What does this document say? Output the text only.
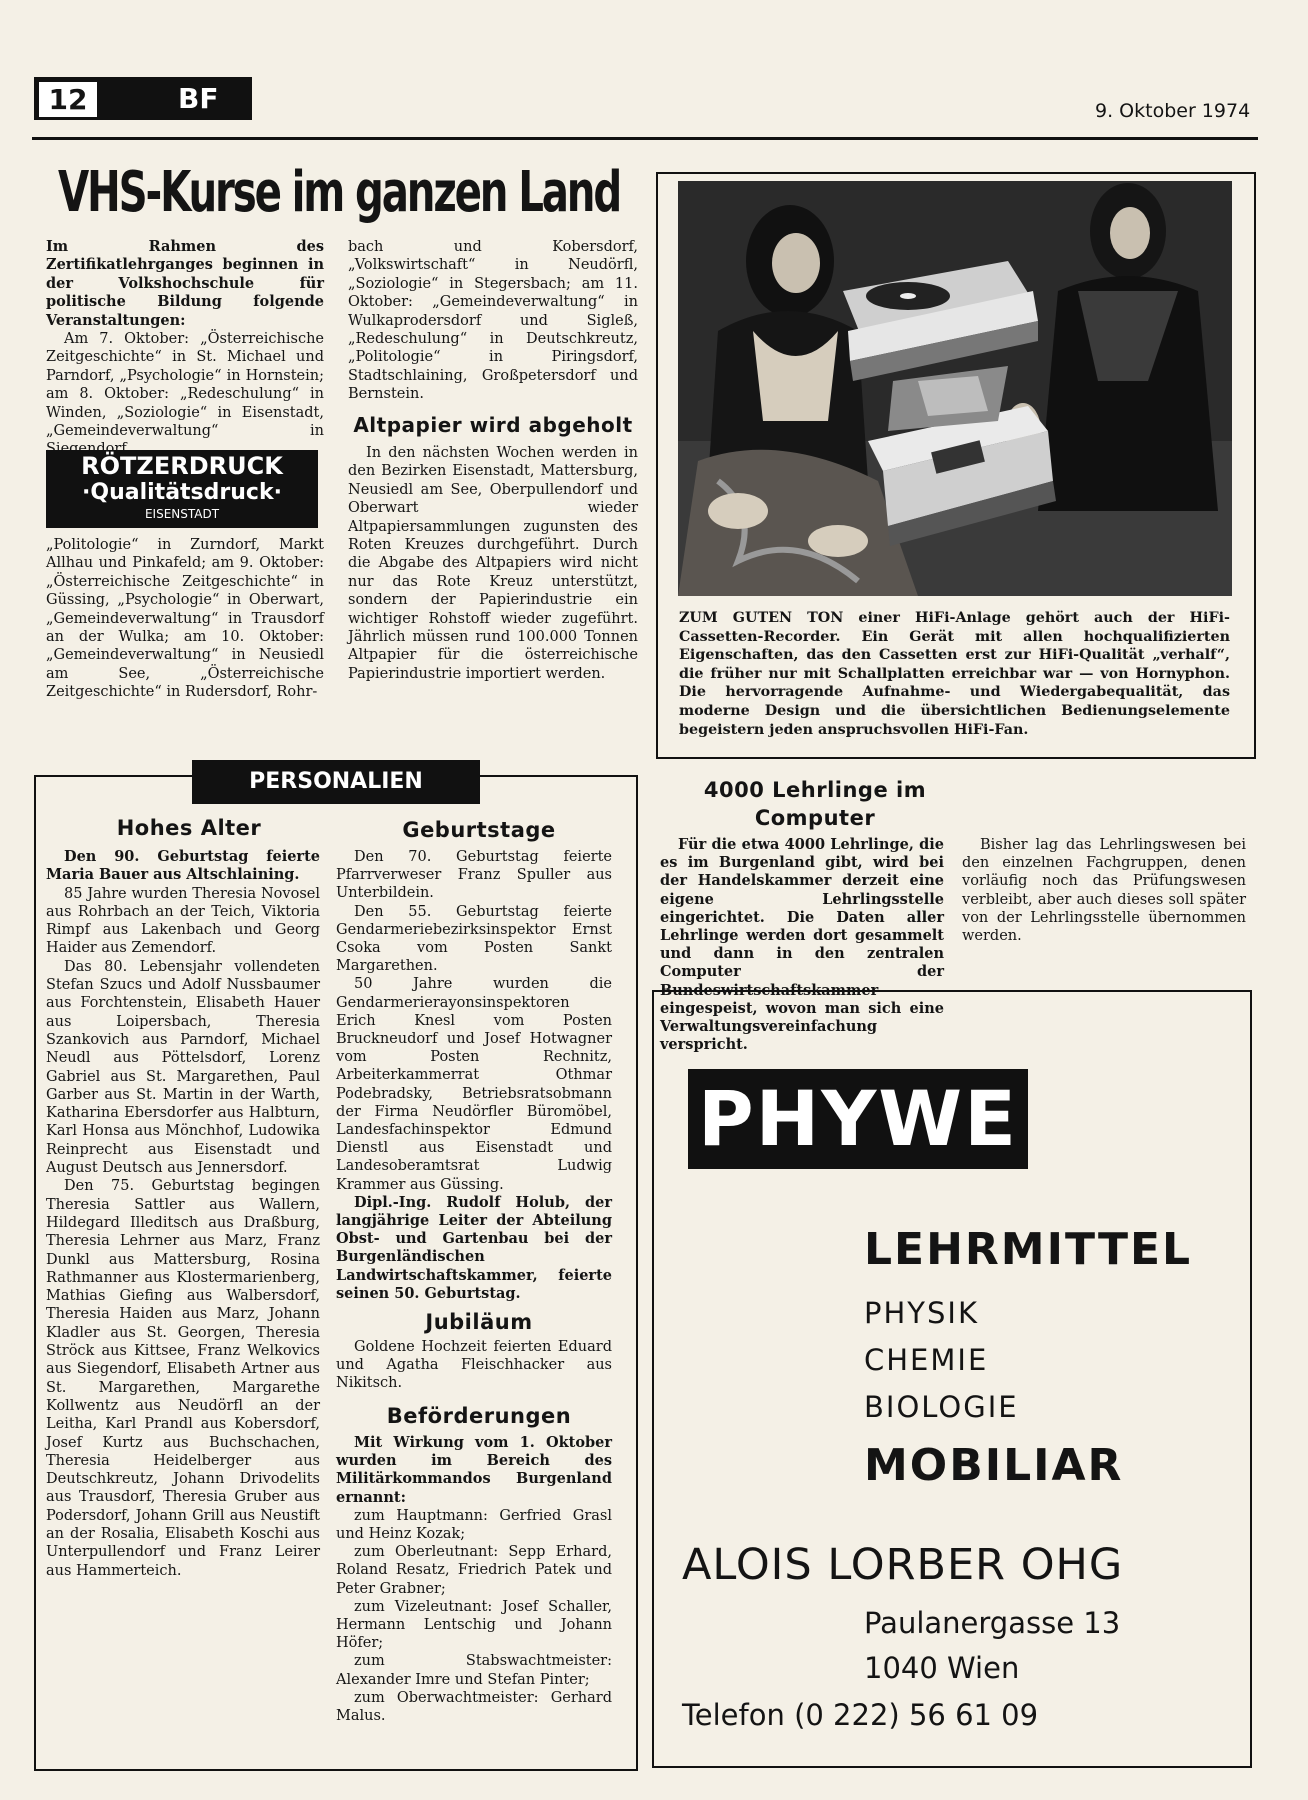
12	BF	9. Oktober 1974
VHS-Kurse im ganzen Land

Im Rahmen des Zertifikatlehrganges beginnen in der Volkshochschule für politische Bildung folgende Veranstaltungen:

Am 7. Oktober: „Österreichische Zeitgeschichte“ in St. Michael und Parndorf, „Psychologie“ in Hornstein; am 8. Oktober: „Redeschulung“ in Winden, „Soziologie“ in Eisenstadt, „Gemeindeverwaltung“ in

RÖTZERDRUCK
·Qualitätsdruck·
EISENSTADT

„Politologie“ in Zurndorf, Markt Allhau und Pinkafeld; am 9. Oktober: „Österreichische Zeitgeschichte“ in Güssing, „Psychologie“ in Oberwart, „Gemeindeverwaltung“ in Trausdorf an der Wulka; am 10. Oktober: „Gemeindeverwaltung“ in Neusiedl am See, „Österreichische Zeitgeschichte“ in Rudersdorf, Rohr-

bach und Kobersdorf, „Volkswirtschaft“ in Neudörfl, „Soziologie“ in Stegersbach; am 11. Oktober: „Gemeindeverwaltung“ in Wulkaprodersdorf und Sigleß, „Redeschulung“ in Deutschkreutz, „Politologie“ in Piringsdorf, Stadtschlaining, Großpetersdorf und Bernstein.

Altpapier wird abgeholt

In den nächsten Wochen werden in den Bezirken Eisenstadt, Mattersburg, Neusiedl am See, Oberpullendorf und Oberwart wieder Altpapiersammlungen zugunsten des Roten Kreuzes durchgeführt. Durch die Abgabe des Altpapiers wird nicht nur das Rote Kreuz unterstützt, sondern der Papierindustrie ein wichtiger Rohstoff wieder zugeführt. Jährlich müssen rund 100.000 Tonnen Altpapier für die österreichische Papierindustrie importiert werden.

ZUM GUTEN TON einer HiFi-Anlage gehört auch der HiFi-Cassetten-Recorder. Ein Gerät mit allen hochqualifizierten Eigenschaften, das den Cassetten erst zur HiFi-Qualität „verhalf“, die früher nur mit Schallplatten erreichbar war — von Hornyphon. Die hervorragende Aufnahme- und Wiedergabequalität, das moderne Design und die übersichtlichen Bedienungselemente begeistern jeden anspruchsvollen HiFi-Fan.
PERSONALIEN
Hohes Alter

Den 90. Geburtstag feierte Maria Bauer aus Altschlaining.

85 Jahre wurden Theresia Novosel aus Rohrbach an der Teich, Viktoria Rimpf aus Lakenbach und Georg Haider aus Zemendorf.

Das 80. Lebensjahr vollendeten Stefan Szucs und Adolf Nussbaumer aus Forchtenstein, Elisabeth Hauer aus Loipersbach, Theresia Szankovich aus Parndorf, Michael Neudl aus Pöttelsdorf, Lorenz Gabriel aus St. Margarethen, Paul Garber aus St. Martin in der Warth, Katharina Ebersdorfer aus Halbturn, Karl Honsa aus Mönchhof, Ludowika Reinprecht aus Eisenstadt und August Deutsch aus Jennersdorf.

Den 75. Geburtstag begingen Theresia Sattler aus Wallern, Hildegard Illeditsch aus Draßburg, Theresia Lehrner aus Marz, Franz Dunkl aus Mattersburg, Rosina Rathmanner aus Klostermarienberg, Mathias Giefing aus Walbersdorf, Theresia Haiden aus Marz, Johann Kladler aus St. Georgen, Theresia Ströck aus Kittsee, Franz Welkovics aus Siegendorf, Elisabeth Artner aus St. Margarethen, Margarethe Kollwentz aus Neudörfl an der Leitha, Karl Prandl aus Kobersdorf, Josef Kurtz aus Buchschachen, Theresia Heidelberger aus Deutschkreutz, Johann Drivodelits aus Trausdorf, Theresia Gruber aus Podersdorf, Johann Grill aus Neustift an der Rosalia, Elisabeth Koschi aus Unterpullendorf und Franz Leirer aus Hammerteich.

Geburtstage

Den 70. Geburtstag feierte Pfarrverweser Franz Spuller aus Unterbildein.

Den 55. Geburtstag feierte Gendarmeriebezirksinspektor Ernst Csoka vom Posten Sankt Margarethen.

50 Jahre wurden die Gendarmerierayonsinspektoren Erich Knesl vom Posten Bruckneudorf und Josef Hotwagner vom Posten Rechnitz, Arbeiterkammerrat Othmar Podebradsky, Betriebsratsobmann der Firma Neudörfler Büromöbel, Landesfachinspektor Edmund Dienstl aus Eisenstadt und Landesoberamtsrat Ludwig Krammer aus Güssing.

Dipl.-Ing. Rudolf Holub, der langjährige Leiter der Abteilung Obst- und Gartenbau bei der Burgenländischen Landwirtschaftskammer, feierte seinen 50. Geburtstag.

Jubiläum

Goldene Hochzeit feierten Eduard und Agatha Fleischhacker aus Nikitsch.

Beförderungen

Mit Wirkung vom 1. Oktober wurden im Bereich des Militärkommandos Burgenland ernannt:

zum Hauptmann: Gerfried Grasl und Heinz Kozak;

zum Oberleutnant: Sepp Erhard, Roland Resatz, Friedrich Patek und Peter Grabner;

zum Vizeleutnant: Josef Schaller, Hermann Lentschig und Johann Höfer;

zum Stabswachtmeister: Alexander Imre und Stefan Pinter;

zum Oberwachtmeister: Gerhard Malus.

4000 Lehrlinge im Computer

Für die etwa 4000 Lehrlinge, die es im Burgenland gibt, wird bei der Handelskammer derzeit eine eigene Lehrlingsstelle eingerichtet. Die Daten aller Lehrlinge werden dort gesammelt und dann in den zentralen Computer der Bundeswirtschaftskammer eingespeist, wovon man sich eine Verwaltungsvereinfachung verspricht.

Bisher lag das Lehrlingswesen bei den einzelnen Fachgruppen, denen vorläufig noch das Prüfungswesen verbleibt, aber auch dieses soll später von der Lehrlingsstelle übernommen werden.

PHYWE
LEHRMITTEL
PHYSIK
CHEMIE
BIOLOGIE
MOBILIAR
ALOIS LORBER OHG
Paulanergasse 13
1040 Wien
Telefon (0 222) 56 61 09
